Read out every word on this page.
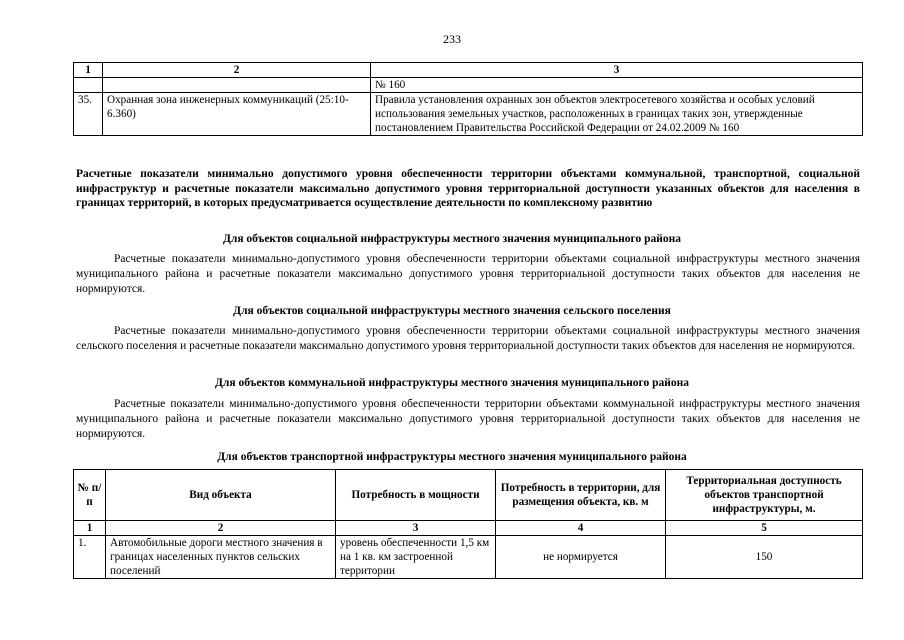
233
1	2	3
		№ 160
35.	Охранная зона инженерных коммуникаций (25:10-6.360)	Правила установления охранных зон объектов электросетевого хозяйства и особых условий использования земельных участков, расположенных в границах таких зон, утвержденные постановлением Правительства Российской Федерации от 24.02.2009 № 160
Расчетные показатели минимально допустимого уровня обеспеченности территории объектами коммунальной, транспортной, социальной инфраструктур и расчетные показатели максимально допустимого уровня территориальной доступности указанных объектов для населения в границах территорий, в которых предусматривается осуществление деятельности по комплексному развитию
Для объектов социальной инфраструктуры местного значения муниципального района
Расчетные показатели минимально-допустимого уровня обеспеченности территории объектами социальной инфраструктуры местного значения муниципального района и расчетные показатели максимально допустимого уровня территориальной доступности таких объектов для населения не нормируются.
Для объектов социальной инфраструктуры местного значения сельского поселения
Расчетные показатели минимально-допустимого уровня обеспеченности территории объектами социальной инфраструктуры местного значения сельского поселения и расчетные показатели максимально допустимого уровня территориальной доступности таких объектов для населения не нормируются.
Для объектов коммунальной инфраструктуры местного значения муниципального района
Расчетные показатели минимально-допустимого уровня обеспеченности территории объектами коммунальной инфраструктуры местного значения муниципального района и расчетные показатели максимально допустимого уровня территориальной доступности таких объектов для населения не нормируются.
Для объектов транспортной инфраструктуры местного значения муниципального района
№ п/п	Вид объекта	Потребность в мощности	Потребность в территории, для размещения объекта, кв. м	Территориальная доступность объектов транспортной инфраструктуры, м.
1	2	3	4	5
1.	Автомобильные дороги местного значения в границах населенных пунктов сельских поселений	уровень обеспеченности 1,5 км на 1 кв. км застроенной территории	не нормируется	150
